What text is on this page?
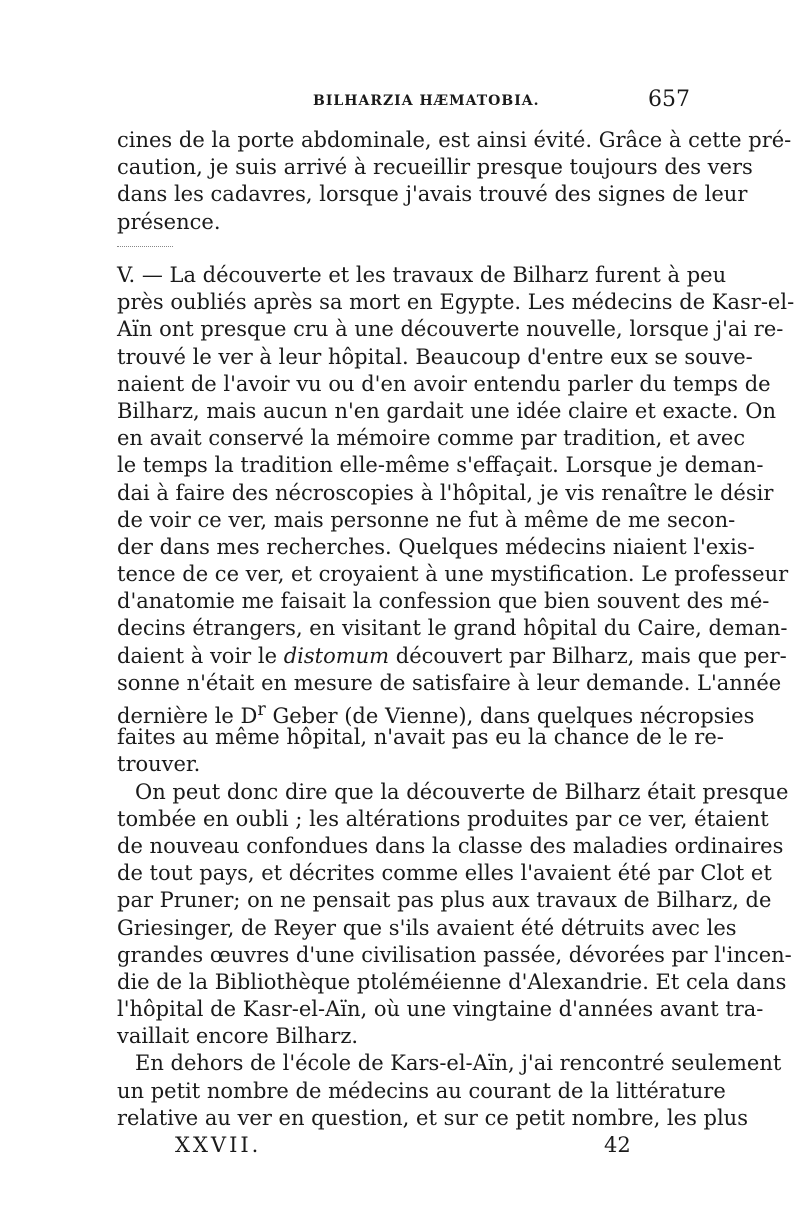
BILHARZIA HÆMATOBIA.	657
cines de la porte abdominale, est ainsi évité. Grâce à cette pré-
caution, je suis arrivé à recueillir presque toujours des vers
dans les cadavres, lorsque j'avais trouvé des signes de leur
présence.
V. — La découverte et les travaux de Bilharz furent à peu
près oubliés après sa mort en Egypte. Les médecins de Kasr-el-
Aïn ont presque cru à une découverte nouvelle, lorsque j'ai re-
trouvé le ver à leur hôpital. Beaucoup d'entre eux se souve-
naient de l'avoir vu ou d'en avoir entendu parler du temps de
Bilharz, mais aucun n'en gardait une idée claire et exacte. On
en avait conservé la mémoire comme par tradition, et avec
le temps la tradition elle-même s'effaçait. Lorsque je deman-
dai à faire des nécroscopies à l'hôpital, je vis renaître le désir
de voir ce ver, mais personne ne fut à même de me secon-
der dans mes recherches. Quelques médecins niaient l'exis-
tence de ce ver, et croyaient à une mystification. Le professeur
d'anatomie me faisait la confession que bien souvent des mé-
decins étrangers, en visitant le grand hôpital du Caire, deman-
daient à voir le distomum découvert par Bilharz, mais que per-
sonne n'était en mesure de satisfaire à leur demande. L'année
dernière le $D^r$ Geber (de Vienne), dans quelques nécropsies
faites au même hôpital, n'avait pas eu la chance de le re-
trouver.
On peut donc dire que la découverte de Bilharz était presque
tombée en oubli ; les altérations produites par ce ver, étaient
de nouveau confondues dans la classe des maladies ordinaires
de tout pays, et décrites comme elles l'avaient été par Clot et
par Pruner; on ne pensait pas plus aux travaux de Bilharz, de
Griesinger, de Reyer que s'ils avaient été détruits avec les
grandes œuvres d'une civilisation passée, dévorées par l'incen-
die de la Bibliothèque ptoléméienne d'Alexandrie. Et cela dans
l'hôpital de Kasr-el-Aïn, où une vingtaine d'années avant tra-
vaillait encore Bilharz.
En dehors de l'école de Kars-el-Aïn, j'ai rencontré seulement
un petit nombre de médecins au courant de la littérature
relative au ver en question, et sur ce petit nombre, les plus
XXVII.	42
